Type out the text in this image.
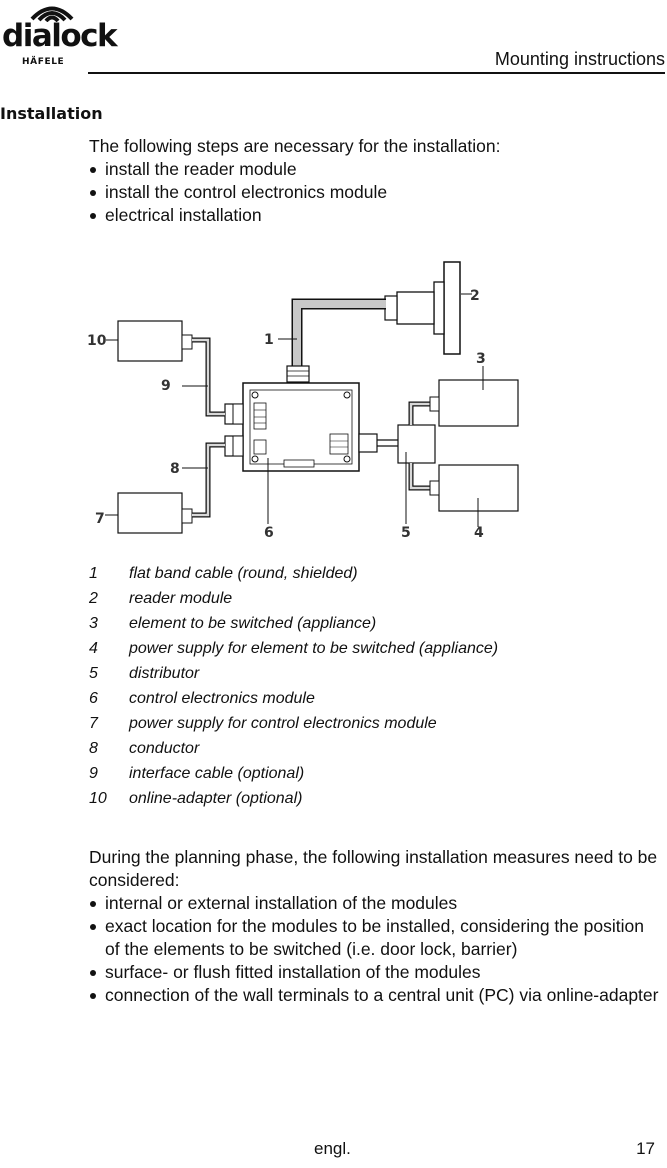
dialock
HÄFELE	Mounting instructions
Installation
The following steps are necessary for the installation:
install the reader module
install the control electronics module
electrical installation
1
2
3
4
5
6
7
8
9
10
1 flat band cable (round, shielded)
2 reader module
3 element to be switched (appliance)
4 power supply for element to be switched (appliance)
5 distributor
6 control electronics module
7 power supply for control electronics module
8 conductor
9 interface cable (optional)
10 online-adapter (optional)

During the planning phase, the following installation measures need to be considered:

internal or external installation of the modules
exact location for the modules to be installed, considering the position of the elements to be switched (i.e. door lock, barrier)
surface- or flush fitted installation of the modules
connection of the wall terminals to a central unit (PC) via online-adapter
engl.	17
